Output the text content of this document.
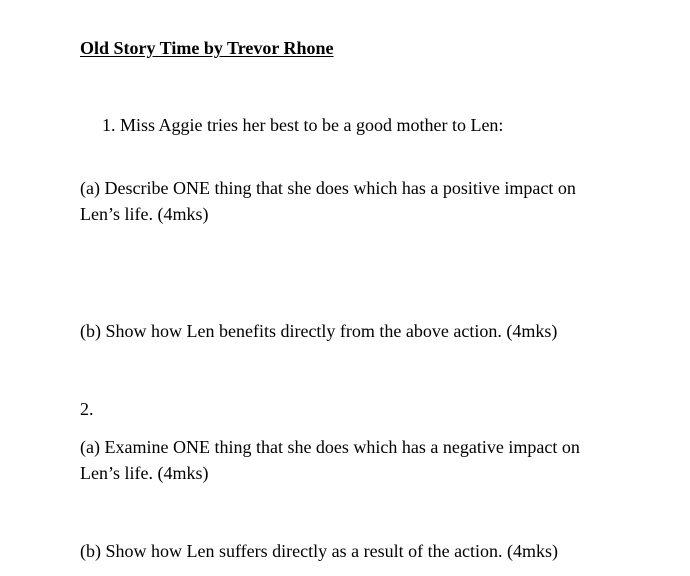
Old Story Time by Trevor Rhone
1. Miss Aggie tries her best to be a good mother to Len:
(a) Describe ONE thing that she does which has a positive impact on
Len’s life. (4mks)
(b) Show how Len benefits directly from the above action. (4mks)
2.
(a) Examine ONE thing that she does which has a negative impact on
Len’s life. (4mks)
(b) Show how Len suffers directly as a result of the action. (4mks)
